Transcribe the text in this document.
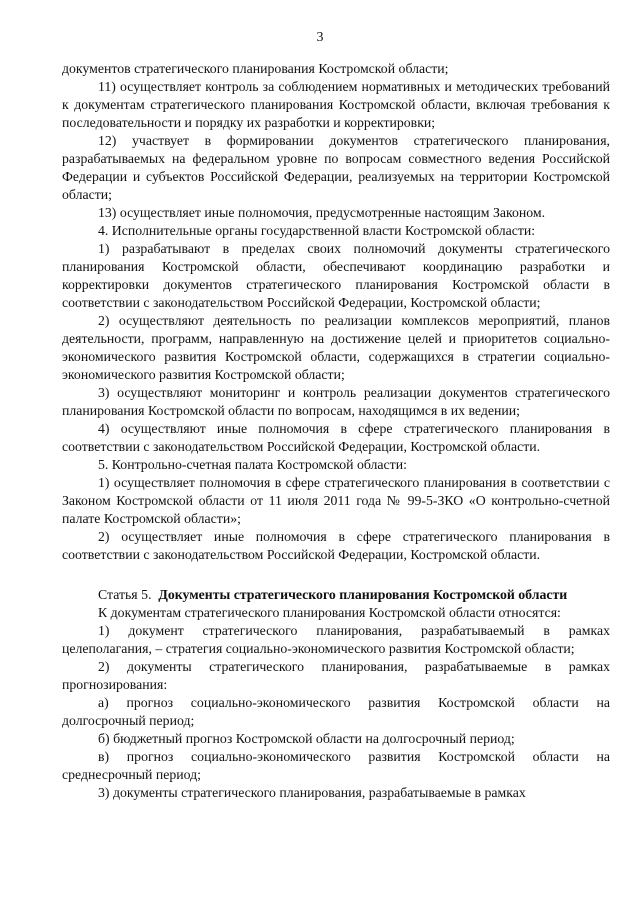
3

документов стратегического планирования Костромской области;

11) осуществляет контроль за соблюдением нормативных и методических требований к документам стратегического планирования Костромской области, включая требования к последовательности и порядку их разработки и корректировки;

12) участвует в формировании документов стратегического планирования, разрабатываемых на федеральном уровне по вопросам совместного ведения Российской Федерации и субъектов Российской Федерации, реализуемых на территории Костромской области;

13) осуществляет иные полномочия, предусмотренные настоящим Законом.

4. Исполнительные органы государственной власти Костромской области:

1) разрабатывают в пределах своих полномочий документы стратегического планирования Костромской области, обеспечивают координацию разработки и корректировки документов стратегического планирования Костромской области в соответствии с законодательством Российской Федерации, Костромской области;

2) осуществляют деятельность по реализации комплексов мероприятий, планов деятельности, программ, направленную на достижение целей и приоритетов социально-экономического развития Костромской области, содержащихся в стратегии социально-экономического развития Костромской области;

3) осуществляют мониторинг и контроль реализации документов стратегического планирования Костромской области по вопросам, находящимся в их ведении;

4) осуществляют иные полномочия в сфере стратегического планирования в соответствии с законодательством Российской Федерации, Костромской области.

5. Контрольно-счетная палата Костромской области:

1) осуществляет полномочия в сфере стратегического планирования в соответствии с Законом Костромской области от 11 июля 2011 года № 99-5-ЗКО «О контрольно-счетной палате Костромской области»;

2) осуществляет иные полномочия в сфере стратегического планирования в соответствии с законодательством Российской Федерации, Костромской области.

Статья 5. Документы стратегического планирования Костромской области

К документам стратегического планирования Костромской области относятся:

1) документ стратегического планирования, разрабатываемый в рамках целеполагания, – стратегия социально-экономического развития Костромской области;

2) документы стратегического планирования, разрабатываемые в рамках прогнозирования:

а) прогноз социально-экономического развития Костромской области на долгосрочный период;

б) бюджетный прогноз Костромской области на долгосрочный период;

в) прогноз социально-экономического развития Костромской области на среднесрочный период;

3) документы стратегического планирования, разрабатываемые в рамках
